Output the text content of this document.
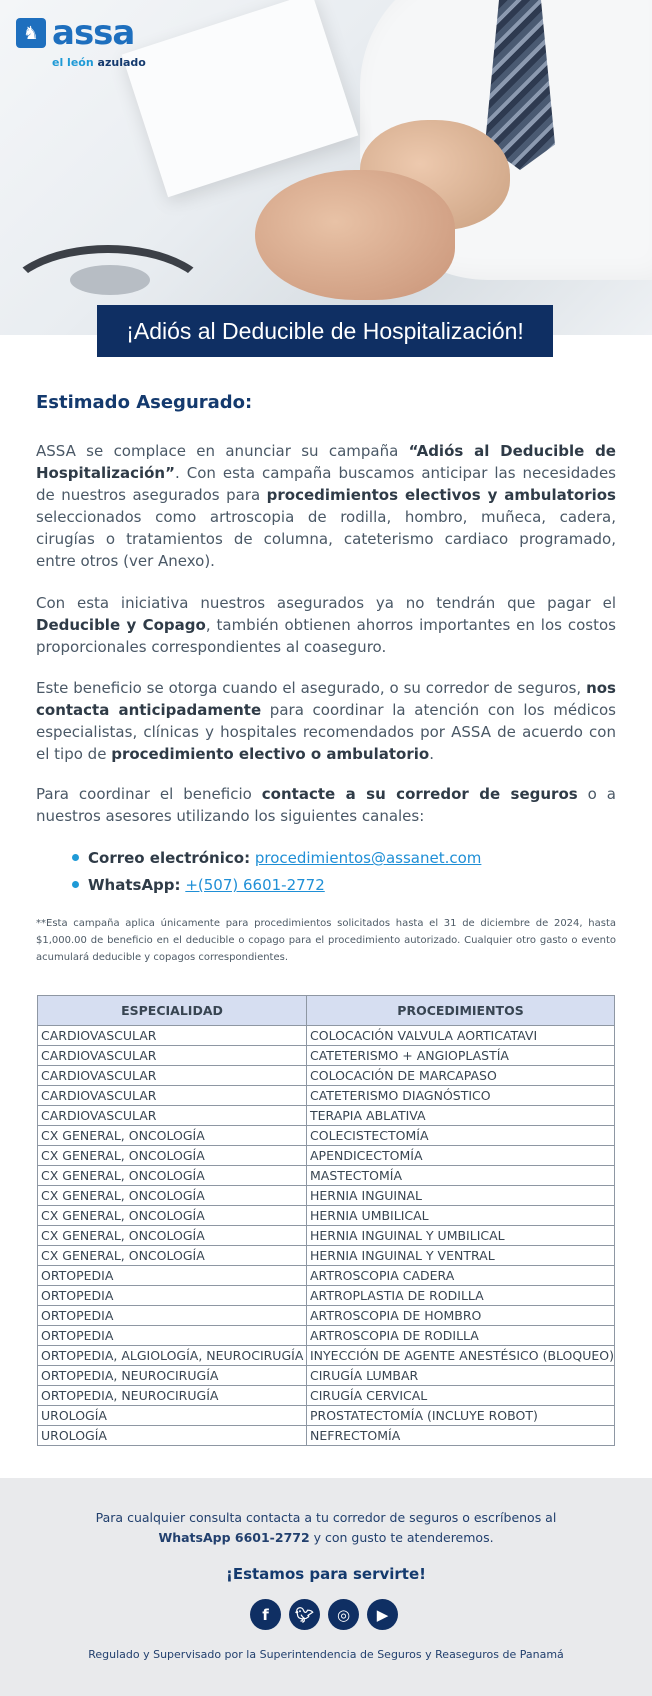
♞ assa
el león azulado
¡Adiós al Deducible de Hospitalización!
Estimado Asegurado:
ASSA se complace en anunciar su campaña “Adiós al Deducible de Hospitalización”. Con esta campaña buscamos anticipar las necesidades de nuestros asegurados para procedimientos electivos y ambulatorios seleccionados como artroscopia de rodilla, hombro, muñeca, cadera, cirugías o tratamientos de columna, cateterismo cardiaco programado, entre otros (ver Anexo).
Con esta iniciativa nuestros asegurados ya no tendrán que pagar el Deducible y Copago, también obtienen ahorros importantes en los costos proporcionales correspondientes al coaseguro.
Este beneficio se otorga cuando el asegurado, o su corredor de seguros, nos contacta anticipadamente para coordinar la atención con los médicos especialistas, clínicas y hospitales recomendados por ASSA de acuerdo con el tipo de procedimiento electivo o ambulatorio.
Para coordinar el beneficio contacte a su corredor de seguros o a nuestros asesores utilizando los siguientes canales:
Correo electrónico: procedimientos@assanet.com
WhatsApp: +(507) 6601-2772
**Esta campaña aplica únicamente para procedimientos solicitados hasta el 31 de diciembre de 2024, hasta $1,000.00 de beneficio en el deducible o copago para el procedimiento autorizado. Cualquier otro gasto o evento acumulará deducible y copagos correspondientes.
ESPECIALIDAD	PROCEDIMIENTOS
CARDIOVASCULAR	COLOCACIÓN VALVULA AORTICATAVI
CARDIOVASCULAR	CATETERISMO + ANGIOPLASTÍA
CARDIOVASCULAR	COLOCACIÓN DE MARCAPASO
CARDIOVASCULAR	CATETERISMO DIAGNÓSTICO
CARDIOVASCULAR	TERAPIA ABLATIVA
CX GENERAL, ONCOLOGÍA	COLECISTECTOMÍA
CX GENERAL, ONCOLOGÍA	APENDICECTOMÍA
CX GENERAL, ONCOLOGÍA	MASTECTOMÍA
CX GENERAL, ONCOLOGÍA	HERNIA INGUINAL
CX GENERAL, ONCOLOGÍA	HERNIA UMBILICAL
CX GENERAL, ONCOLOGÍA	HERNIA INGUINAL Y UMBILICAL
CX GENERAL, ONCOLOGÍA	HERNIA INGUINAL Y VENTRAL
ORTOPEDIA	ARTROSCOPIA CADERA
ORTOPEDIA	ARTROPLASTIA DE RODILLA
ORTOPEDIA	ARTROSCOPIA DE HOMBRO
ORTOPEDIA	ARTROSCOPIA DE RODILLA
ORTOPEDIA, ALGIOLOGÍA, NEUROCIRUGÍA	INYECCIÓN DE AGENTE ANESTÉSICO (BLOQUEO)
ORTOPEDIA, NEUROCIRUGÍA	CIRUGÍA LUMBAR
ORTOPEDIA, NEUROCIRUGÍA	CIRUGÍA CERVICAL
UROLOGÍA	PROSTATECTOMÍA (INCLUYE ROBOT)
UROLOGÍA	NEFRECTOMÍA
Para cualquier consulta contacta a tu corredor de seguros o escríbenos al
WhatsApp 6601-2772 y con gusto te atenderemos.
¡Estamos para servirte!
f	🐦︎	◎	▶
Regulado y Supervisado por la Superintendencia de Seguros y Reaseguros de Panamá
